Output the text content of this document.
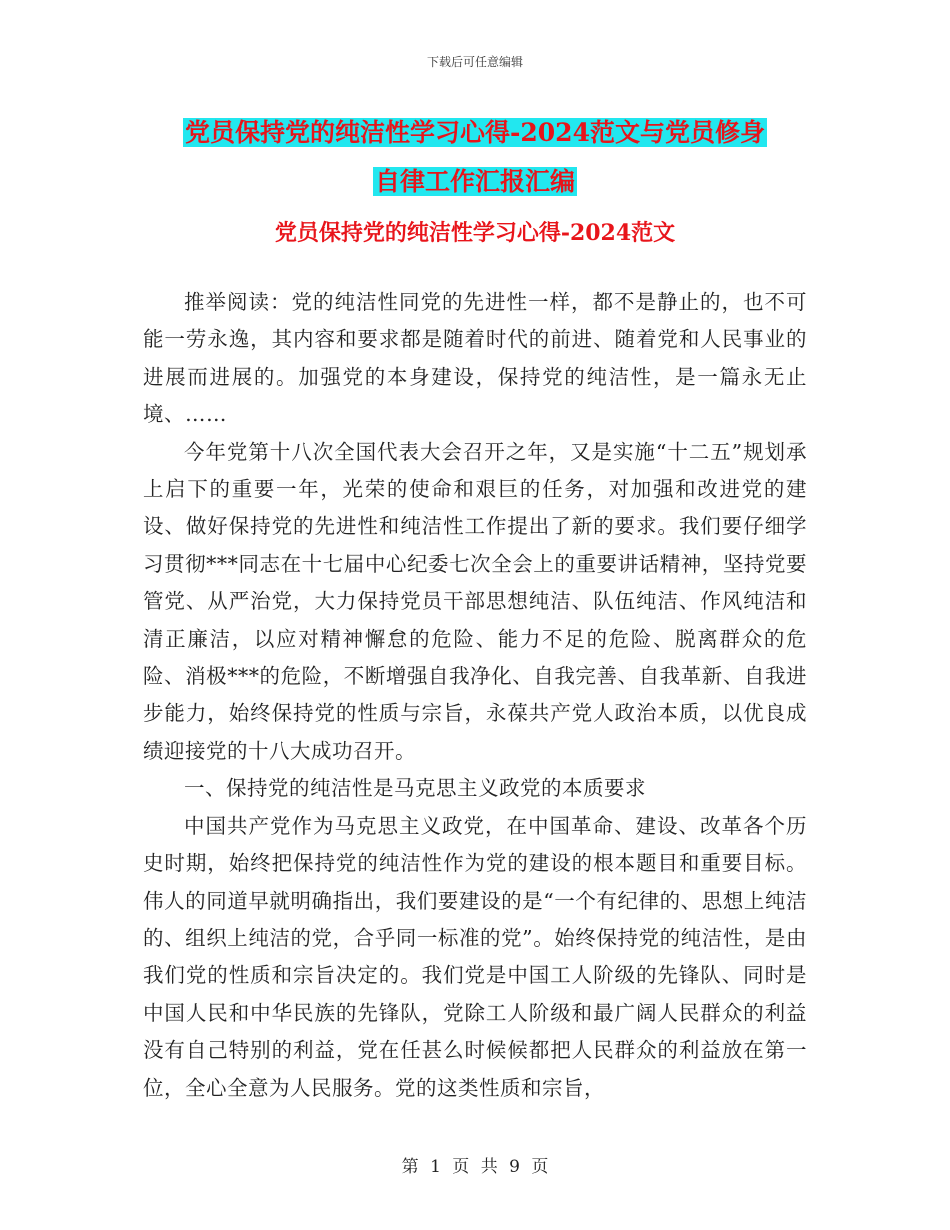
下载后可任意编辑
党员保持党的纯洁性学习心得-2024范文与党员修身
自律工作汇报汇编
党员保持党的纯洁性学习心得-2024范文

推举阅读：党的纯洁性同党的先进性一样，都不是静止的，也不可能一劳永逸，其内容和要求都是随着时代的前进、随着党和人民事业的进展而进展的。加强党的本身建设，保持党的纯洁性，是一篇永无止境、……

今年党第十八次全国代表大会召开之年，又是实施“十二五”规划承上启下的重要一年，光荣的使命和艰巨的任务，对加强和改进党的建设、做好保持党的先进性和纯洁性工作提出了新的要求。我们要仔细学习贯彻***同志在十七届中心纪委七次全会上的重要讲话精神，坚持党要管党、从严治党，大力保持党员干部思想纯洁、队伍纯洁、作风纯洁和清正廉洁，以应对精神懈怠的危险、能力不足的危险、脱离群众的危险、消极***的危险，不断增强自我净化、自我完善、自我革新、自我进步能力，始终保持党的性质与宗旨，永葆共产党人政治本质，以优良成绩迎接党的十八大成功召开。

一、保持党的纯洁性是马克思主义政党的本质要求

中国共产党作为马克思主义政党，在中国革命、建设、改革各个历史时期，始终把保持党的纯洁性作为党的建设的根本题目和重要目标。伟人的同道早就明确指出，我们要建设的是“一个有纪律的、思想上纯洁的、组织上纯洁的党，合乎同一标准的党”。始终保持党的纯洁性，是由我们党的性质和宗旨决定的。我们党是中国工人阶级的先锋队、同时是中国人民和中华民族的先锋队，党除工人阶级和最广阔人民群众的利益没有自己特别的利益，党在任甚么时候候都把人民群众的利益放在第一位，全心全意为人民服务。党的这类性质和宗旨，

第 1 页 共 9 页
